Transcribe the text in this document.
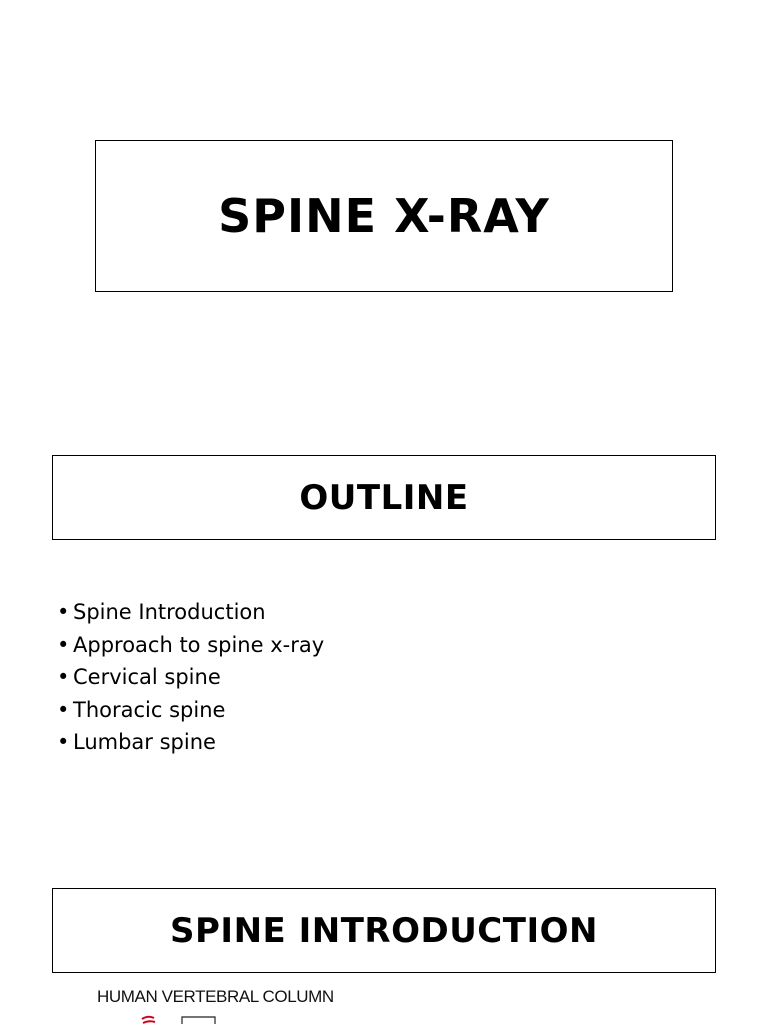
SPINE X-RAY
OUTLINE
• Spine Introduction
• Approach to spine x-ray
• Cervical spine
• Thoracic spine
• Lumbar spine
SPINE INTRODUCTION
HUMAN VERTEBRAL COLUMN
